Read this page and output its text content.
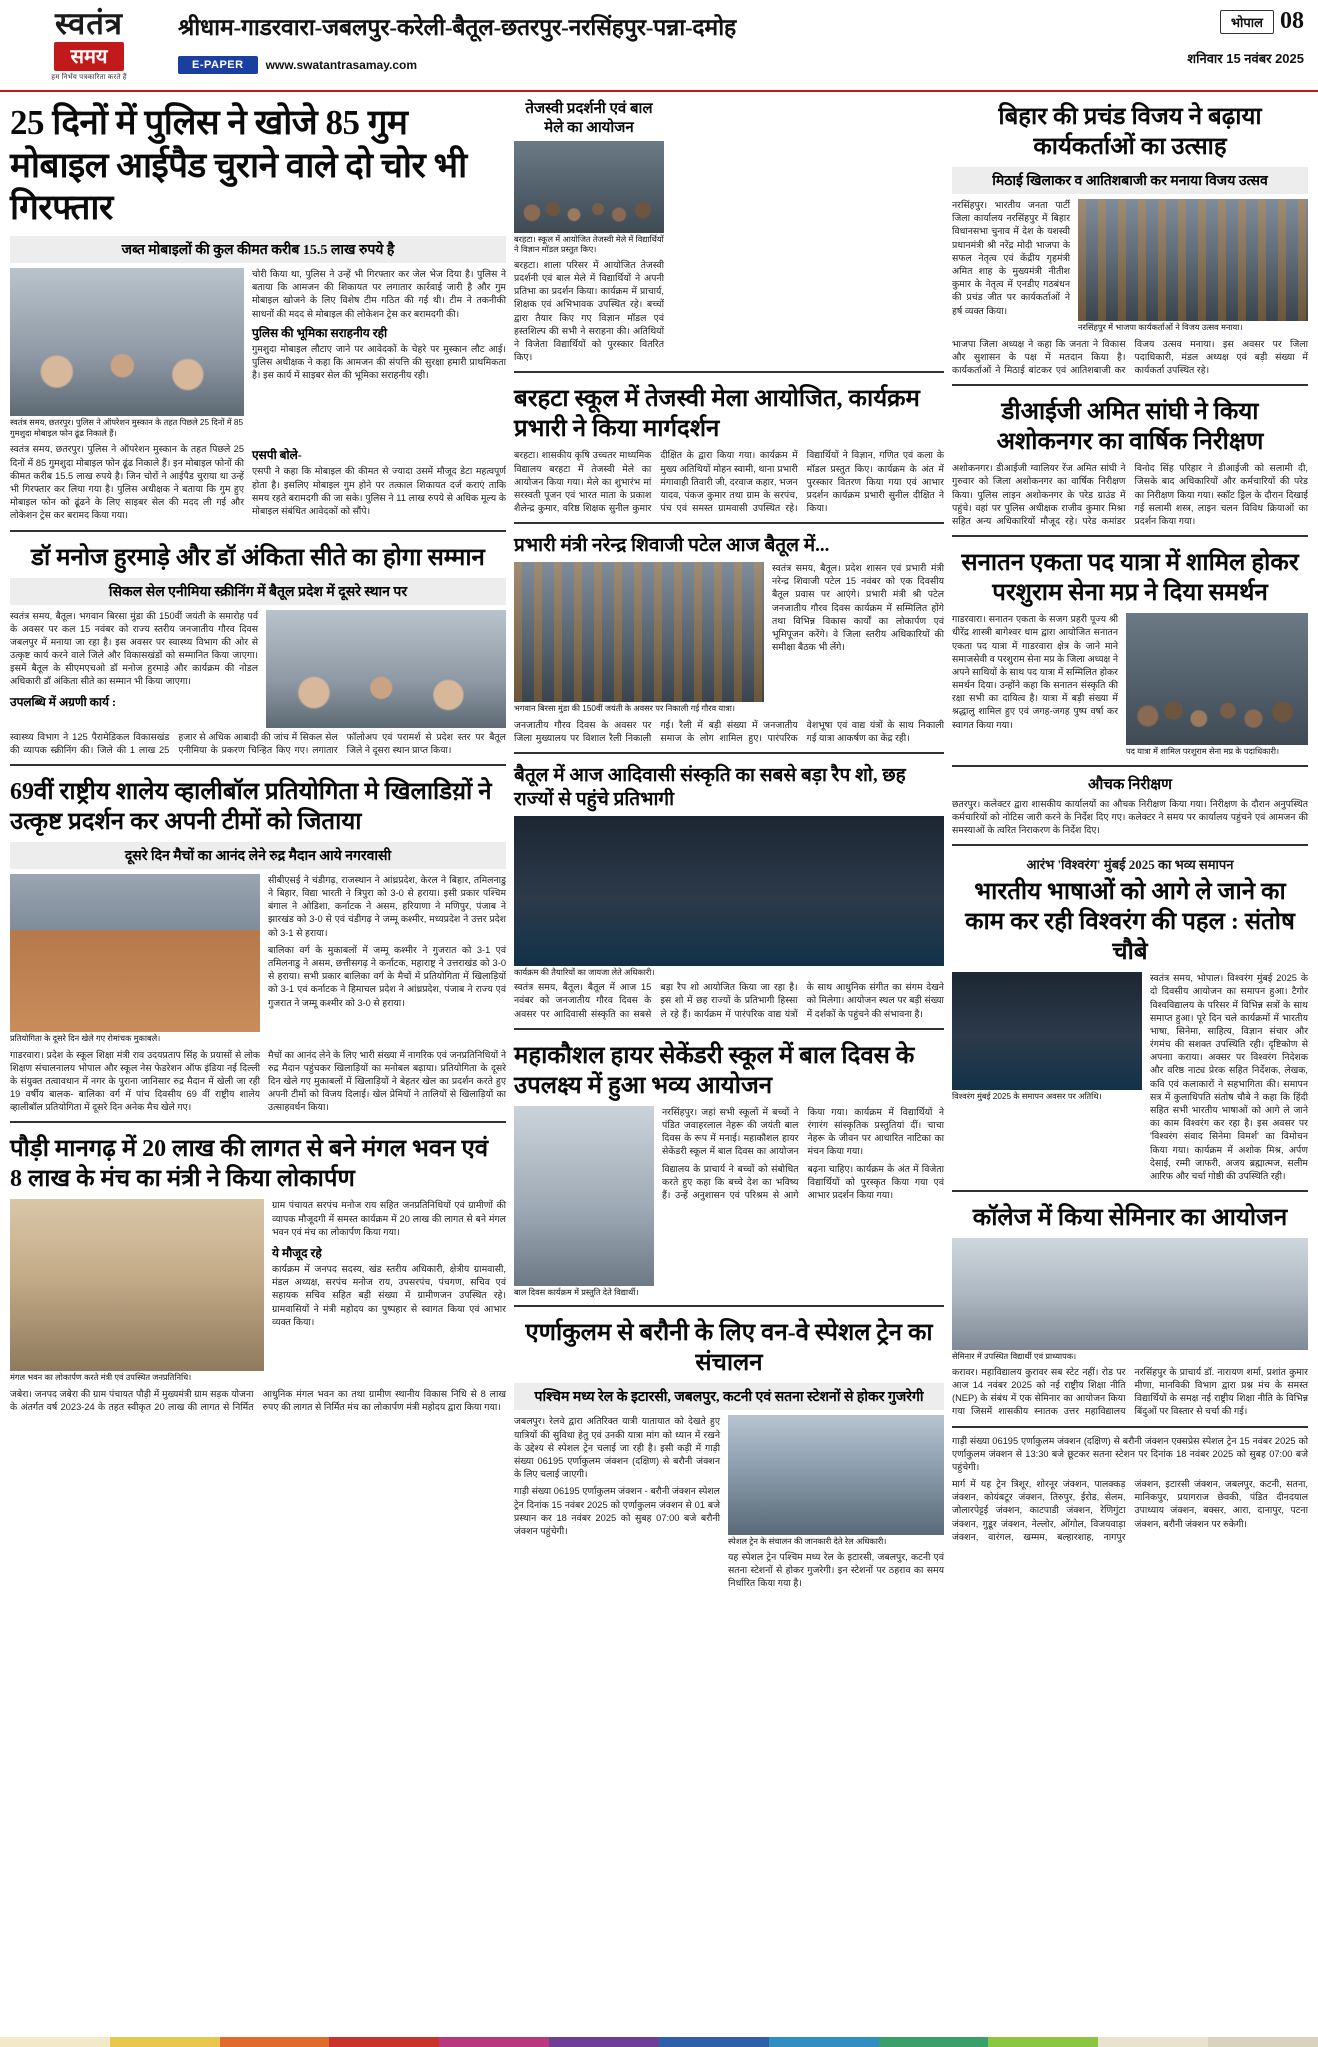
स्वतंत्र
समय
हम निर्भय पत्रकारिता करते हैं
श्रीधाम-गाडरवारा-जबलपुर-करेली-बैतूल-छतरपुर-नरसिंहपुर-पन्ना-दमोह
E-PAPER	www.swatantrasamay.com
भोपाल 08
शनिवार 15 नवंबर 2025
25 दिनों में पुलिस ने खोजे 85 गुम मोबाइल आईपैड चुराने वाले दो चोर भी गिरफ्तार
जब्त मोबाइलों की कुल कीमत करीब 15.5 लाख रुपये है
स्वतंत्र समय, छतरपुर। पुलिस ने ऑपरेशन मुस्कान के तहत पिछले 25 दिनों में 85 गुमशुदा मोबाइल फोन ढूंढ निकाले हैं।
चोरी किया था, पुलिस ने उन्हें भी गिरफ्तार कर जेल भेज दिया है। पुलिस ने बताया कि आमजन की शिकायत पर लगातार कार्रवाई जारी है और गुम मोबाइल खोजने के लिए विशेष टीम गठित की गई थी। टीम ने तकनीकी साधनों की मदद से मोबाइल की लोकेशन ट्रेस कर बरामदगी की।
पुलिस की भूमिका सराहनीय रही
गुमशुदा मोबाइल लौटाए जाने पर आवेदकों के चेहरे पर मुस्कान लौट आई। पुलिस अधीक्षक ने कहा कि आमजन की संपत्ति की सुरक्षा हमारी प्राथमिकता है। इस कार्य में साइबर सेल की भूमिका सराहनीय रही।
स्वतंत्र समय, छतरपुर। पुलिस ने ऑपरेशन मुस्कान के तहत पिछले 25 दिनों में 85 गुमशुदा मोबाइल फोन ढूंढ निकाले हैं। इन मोबाइल फोनों की कीमत करीब 15.5 लाख रुपये है। जिन चोरों ने आईपैड चुराया था उन्हें भी गिरफ्तार कर लिया गया है। पुलिस अधीक्षक ने बताया कि गुम हुए मोबाइल फोन को ढूंढने के लिए साइबर सेल की मदद ली गई और लोकेशन ट्रेस कर बरामद किया गया।
एसपी बोले-
एसपी ने कहा कि मोबाइल की कीमत से ज्यादा उसमें मौजूद डेटा महत्वपूर्ण होता है। इसलिए मोबाइल गुम होने पर तत्काल शिकायत दर्ज कराएं ताकि समय रहते बरामदगी की जा सके। पुलिस ने 11 लाख रुपये से अधिक मूल्य के मोबाइल संबंधित आवेदकों को सौंपे।
डॉ मनोज हुरमाड़े और डॉ अंकिता सीते का होगा सम्मान
सिकल सेल एनीमिया स्क्रीनिंग में बैतूल प्रदेश में दूसरे स्थान पर
स्वतंत्र समय, बैतूल। भगवान बिरसा मुंडा की 150वीं जयंती के समारोह पर्व के अवसर पर कल 15 नवंबर को राज्य स्तरीय जनजातीय गौरव दिवस जबलपुर में मनाया जा रहा है। इस अवसर पर स्वास्थ्य विभाग की ओर से उत्कृष्ट कार्य करने वाले जिले और विकासखंडों को सम्मानित किया जाएगा। इसमें बैतूल के सीएमएचओ डॉ मनोज हुरमाड़े और कार्यक्रम की नोडल अधिकारी डॉ अंकिता सीते का सम्मान भी किया जाएगा।
उपलब्धि में अग्रणी कार्य :
स्वास्थ्य विभाग ने 125 पैरामेडिकल विकासखंड की व्यापक स्क्रीनिंग की। जिले की 1 लाख 25 हजार से अधिक आबादी की जांच में सिकल सेल एनीमिया के प्रकरण चिन्हित किए गए। लगातार फॉलोअप एवं परामर्श से प्रदेश स्तर पर बैतूल जिले ने दूसरा स्थान प्राप्त किया।
69वीं राष्ट्रीय शालेय व्हालीबॉल प्रतियोगिता मे खिलाडिय़ों ने उत्कृष्ट प्रदर्शन कर अपनी टीमों को जिताया
दूसरे दिन मैचों का आनंद लेने रुद्र मैदान आये नगरवासी
प्रतियोगिता के दूसरे दिन खेले गए रोमांचक मुकाबले।
सीबीएसई ने चंडीगढ़, राजस्थान ने आंध्रप्रदेश, केरल ने बिहार, तमिलनाडु ने बिहार, विद्या भारती ने त्रिपुरा को 3-0 से हराया। इसी प्रकार पश्चिम बंगाल ने ओडिशा, कर्नाटक ने असम, हरियाणा ने मणिपुर, पंजाब ने झारखंड को 3-0 से एवं चंडीगढ़ ने जम्मू कश्मीर, मध्यप्रदेश ने उत्तर प्रदेश को 3-1 से हराया।
बालिका वर्ग के मुकाबलों में जम्मू कश्मीर ने गुजरात को 3-1 एवं तमिलनाडु ने असम, छत्तीसगढ़ ने कर्नाटक, महाराष्ट्र ने उत्तराखंड को 3-0 से हराया। सभी प्रकार बालिका वर्ग के मैचों में प्रतियोगिता में खिलाड़ियों को 3-1 एवं कर्नाटक ने हिमाचल प्रदेश ने आंध्रप्रदेश, पंजाब ने राज्य एवं गुजरात ने जम्मू कश्मीर को 3-0 से हराया।
गाडरवारा। प्रदेश के स्कूल शिक्षा मंत्री राव उदयप्रताप सिंह के प्रयासों से लोक शिक्षण संचालनालय भोपाल और स्कूल नेस फेडरेशन ऑफ इंडिया नई दिल्ली के संयुक्त तत्वावधान में नगर के पुराना जानिसार रुद्र मैदान में खेली जा रही 19 वर्षीय बालक- बालिका वर्ग में पांच दिवसीय 69 वीं राष्ट्रीय शालेय व्हालीबॉल प्रतियोगिता में दूसरे दिन अनेक मैच खेले गए।
मैचों का आनंद लेने के लिए भारी संख्या में नागरिक एवं जनप्रतिनिधियों ने रुद्र मैदान पहुंचकर खिलाड़ियों का मनोबल बढ़ाया। प्रतियोगिता के दूसरे दिन खेले गए मुकाबलों में खिलाड़ियों ने बेहतर खेल का प्रदर्शन करते हुए अपनी टीमों को विजय दिलाई। खेल प्रेमियों ने तालियों से खिलाड़ियों का उत्साहवर्धन किया।
पौड़ी मानगढ़ में 20 लाख की लागत से बने मंगल भवन एवं 8 लाख के मंच का मंत्री ने किया लोकार्पण
मंगल भवन का लोकार्पण करते मंत्री एवं उपस्थित जनप्रतिनिधि।
ग्राम पंचायत सरपंच मनोज राय सहित जनप्रतिनिधियों एवं ग्रामीणों की व्यापक मौजूदगी में समस्त कार्यक्रम में 20 लाख की लागत से बने मंगल भवन एवं मंच का लोकार्पण किया गया।
ये मौजूद रहे
कार्यक्रम में जनपद सदस्य, खंड स्तरीय अधिकारी, क्षेत्रीय ग्रामवासी, मंडल अध्यक्ष, सरपंच मनोज राय, उपसरपंच, पंचगण, सचिव एवं सहायक सचिव सहित बड़ी संख्या में ग्रामीणजन उपस्थित रहे। ग्रामवासियों ने मंत्री महोदय का पुष्पहार से स्वागत किया एवं आभार व्यक्त किया।
जबेरा। जनपद जबेरा की ग्राम पंचायत पौड़ी में मुख्यमंत्री ग्राम सड़क योजना के अंतर्गत वर्ष 2023-24 के तहत स्वीकृत 20 लाख की लागत से निर्मित आधुनिक मंगल भवन का तथा ग्रामीण स्थानीय विकास निधि से 8 लाख रुपए की लागत से निर्मित मंच का लोकार्पण मंत्री महोदय द्वारा किया गया।
तेजस्वी प्रदर्शनी एवं बाल मेले का आयोजन
बरहटा। स्कूल में आयोजित तेजस्वी मेले में विद्यार्थियों ने विज्ञान मॉडल प्रस्तुत किए।
बरहटा। शाला परिसर में आयोजित तेजस्वी प्रदर्शनी एवं बाल मेले में विद्यार्थियों ने अपनी प्रतिभा का प्रदर्शन किया। कार्यक्रम में प्राचार्य, शिक्षक एवं अभिभावक उपस्थित रहे। बच्चों द्वारा तैयार किए गए विज्ञान मॉडल एवं हस्तशिल्प की सभी ने सराहना की। अतिथियों ने विजेता विद्यार्थियों को पुरस्कार वितरित किए।
बरहटा स्कूल में तेजस्वी मेला आयोजित, कार्यक्रम प्रभारी ने किया मार्गदर्शन
बरहटा। शासकीय कृषि उच्चतर माध्यमिक विद्यालय बरहटा में तेजस्वी मेले का आयोजन किया गया। मेले का शुभारंभ मां सरस्वती पूजन एवं भारत माता के प्रकाश शैलेन्द्र कुमार, वरिष्ठ शिक्षक सुनील कुमार दीक्षित के द्वारा किया गया। कार्यक्रम में मुख्य अतिथियों मोहन स्वामी, थाना प्रभारी मंगावाही तिवारी जी, दरवाज कहार, भजन यादव, पंकज कुमार तथा ग्राम के सरपंच, पंच एवं समस्त ग्रामवासी उपस्थित रहे। विद्यार्थियों ने विज्ञान, गणित एवं कला के मॉडल प्रस्तुत किए। कार्यक्रम के अंत में पुरस्कार वितरण किया गया एवं आभार प्रदर्शन कार्यक्रम प्रभारी सुनील दीक्षित ने किया।
प्रभारी मंत्री नरेन्द्र शिवाजी पटेल आज बैतूल में...
भगवान बिरसा मुंडा की 150वीं जयंती के अवसर पर निकाली गई गौरव यात्रा।
स्वतंत्र समय, बैतूल। प्रदेश शासन एवं प्रभारी मंत्री नरेन्द्र शिवाजी पटेल 15 नवंबर को एक दिवसीय बैतूल प्रवास पर आएंगे। प्रभारी मंत्री श्री पटेल जनजातीय गौरव दिवस कार्यक्रम में सम्मिलित होंगे तथा विभिन्न विकास कार्यों का लोकार्पण एवं भूमिपूजन करेंगे। वे जिला स्तरीय अधिकारियों की समीक्षा बैठक भी लेंगे।
जनजातीय गौरव दिवस के अवसर पर जिला मुख्यालय पर विशाल रैली निकाली गई। रैली में बड़ी संख्या में जनजातीय समाज के लोग शामिल हुए। पारंपरिक वेशभूषा एवं वाद्य यंत्रों के साथ निकाली गई यात्रा आकर्षण का केंद्र रही।
बैतूल में आज आदिवासी संस्कृति का सबसे बड़ा रैप शो, छह राज्यों से पहुंचे प्रतिभागी
कार्यक्रम की तैयारियों का जायजा लेते अधिकारी।
स्वतंत्र समय, बैतूल। बैतूल में आज 15 नवंबर को जनजातीय गौरव दिवस के अवसर पर आदिवासी संस्कृति का सबसे बड़ा रैप शो आयोजित किया जा रहा है। इस शो में छह राज्यों के प्रतिभागी हिस्सा ले रहे हैं। कार्यक्रम में पारंपरिक वाद्य यंत्रों के साथ आधुनिक संगीत का संगम देखने को मिलेगा। आयोजन स्थल पर बड़ी संख्या में दर्शकों के पहुंचने की संभावना है।
महाकौशल हायर सेकेंडरी स्कूल में बाल दिवस के उपलक्ष्य में हुआ भव्य आयोजन
बाल दिवस कार्यक्रम में प्रस्तुति देते विद्यार्थी।
नरसिंहपुर। जहां सभी स्कूलों में बच्चों ने पंडित जवाहरलाल नेहरू की जयंती बाल दिवस के रूप में मनाई। महाकौशल हायर सेकेंडरी स्कूल में बाल दिवस का आयोजन किया गया। कार्यक्रम में विद्यार्थियों ने रंगारंग सांस्कृतिक प्रस्तुतियां दीं। चाचा नेहरू के जीवन पर आधारित नाटिका का मंचन किया गया।
विद्यालय के प्राचार्य ने बच्चों को संबोधित करते हुए कहा कि बच्चे देश का भविष्य हैं। उन्हें अनुशासन एवं परिश्रम से आगे बढ़ना चाहिए। कार्यक्रम के अंत में विजेता विद्यार्थियों को पुरस्कृत किया गया एवं आभार प्रदर्शन किया गया।
एर्णाकुलम से बरौनी के लिए वन-वे स्पेशल ट्रेन का संचालन
पश्चिम मध्य रेल के इटारसी, जबलपुर, कटनी एवं सतना स्टेशनों से होकर गुजरेगी
जबलपुर। रेलवे द्वारा अतिरिक्त यात्री यातायात को देखते हुए यात्रियों की सुविधा हेतु एवं उनकी यात्रा मांग को ध्यान में रखने के उद्देश्य से स्पेशल ट्रेन चलाई जा रही है। इसी कड़ी में गाड़ी संख्या 06195 एर्णाकुलम जंक्शन (दक्षिण) से बरौनी जंक्शन के लिए चलाई जाएगी।
गाड़ी संख्या 06195 एर्णाकुलम जंक्शन - बरौनी जंक्शन स्पेशल ट्रेन दिनांक 15 नवंबर 2025 को एर्णाकुलम जंक्शन से 01 बजे प्रस्थान कर 18 नवंबर 2025 को सुबह 07:00 बजे बरौनी जंक्शन पहुंचेगी।
स्पेशल ट्रेन के संचालन की जानकारी देते रेल अधिकारी।
यह स्पेशल ट्रेन पश्चिम मध्य रेल के इटारसी, जबलपुर, कटनी एवं सतना स्टेशनों से होकर गुजरेगी। इन स्टेशनों पर ठहराव का समय निर्धारित किया गया है।
बिहार की प्रचंड विजय ने बढ़ाया कार्यकर्ताओं का उत्साह
मिठाई खिलाकर व आतिशबाजी कर मनाया विजय उत्सव
नरसिंहपुर। भारतीय जनता पार्टी जिला कार्यालय नरसिंहपुर में बिहार विधानसभा चुनाव में देश के यशस्वी प्रधानमंत्री श्री नरेंद्र मोदी भाजपा के सफल नेतृत्व एवं केंद्रीय गृहमंत्री अमित शाह के मुख्यमंत्री नीतीश कुमार के नेतृत्व में एनडीए गठबंधन की प्रचंड जीत पर कार्यकर्ताओं ने हर्ष व्यक्त किया।
नरसिंहपुर में भाजपा कार्यकर्ताओं ने विजय उत्सव मनाया।
भाजपा जिला अध्यक्ष ने कहा कि जनता ने विकास और सुशासन के पक्ष में मतदान किया है। कार्यकर्ताओं ने मिठाई बांटकर एवं आतिशबाजी कर विजय उत्सव मनाया। इस अवसर पर जिला पदाधिकारी, मंडल अध्यक्ष एवं बड़ी संख्या में कार्यकर्ता उपस्थित रहे।
डीआईजी अमित सांघी ने किया अशोकनगर का वार्षिक निरीक्षण
अशोकनगर। डीआईजी ग्वालियर रेंज अमित सांघी ने गुरुवार को जिला अशोकनगर का वार्षिक निरीक्षण किया। पुलिस लाइन अशोकनगर के परेड ग्राउंड में पहुंचे। वहां पर पुलिस अधीक्षक राजीव कुमार मिश्रा सहित अन्य अधिकारियों मौजूद रहे। परेड कमांडर विनोद सिंह परिहार ने डीआईजी को सलामी दी, जिसके बाद अधिकारियों और कर्मचारियों की परेड का निरीक्षण किया गया। स्कॉट ड्रिल के दौरान दिखाई गई सलामी शस्त्र, लाइन चलन विविध क्रियाओं का प्रदर्शन किया गया।
सनातन एकता पद यात्रा में शामिल होकर परशुराम सेना मप्र ने दिया समर्थन
गाडरवारा। सनातन एकता के सजग प्रहरी पूज्य श्री धीरेंद्र शास्त्री बागेश्वर धाम द्वारा आयोजित सनातन एकता पद यात्रा में गाडरवारा क्षेत्र के जाने माने समाजसेवी व परशुराम सेना मप्र के जिला अध्यक्ष ने अपने साथियों के साथ पद यात्रा में सम्मिलित होकर समर्थन दिया। उन्होंने कहा कि सनातन संस्कृति की रक्षा सभी का दायित्व है। यात्रा में बड़ी संख्या में श्रद्धालु शामिल हुए एवं जगह-जगह पुष्प वर्षा कर स्वागत किया गया।
पद यात्रा में शामिल परशुराम सेना मप्र के पदाधिकारी।
औचक निरीक्षण
छतरपुर। कलेक्टर द्वारा शासकीय कार्यालयों का औचक निरीक्षण किया गया। निरीक्षण के दौरान अनुपस्थित कर्मचारियों को नोटिस जारी करने के निर्देश दिए गए। कलेक्टर ने समय पर कार्यालय पहुंचने एवं आमजन की समस्याओं के त्वरित निराकरण के निर्देश दिए।
आरंभ 'विश्वरंग' मुंबई 2025 का भव्य समापन
भारतीय भाषाओं को आगे ले जाने का काम कर रही विश्वरंग की पहल : संतोष चौबे
विश्वरंग मुंबई 2025 के समापन अवसर पर अतिथि।
स्वतंत्र समय, भोपाल। विश्वरंग मुंबई 2025 के दो दिवसीय आयोजन का समापन हुआ। टैगोर विश्वविद्यालय के परिसर में विभिन्न सत्रों के साथ समाप्त हुआ। पूरे दिन चले कार्यक्रमों में भारतीय भाषा, सिनेमा, साहित्य, विज्ञान संचार और रंगमंच की सशक्त उपस्थिति रही। दृष्टिकोण से अपनाा कराया। अक्सर पर विश्वरंग निदेशक और वरिष्ठ नाट्य प्रेरक सहित निर्देशक, लेखक, कवि एवं कलाकारों ने सहभागिता की। समापन सत्र में कुलाधिपति संतोष चौबे ने कहा कि हिंदी सहित सभी भारतीय भाषाओं को आगे ले जाने का काम विश्वरंग कर रहा है। इस अवसर पर 'विश्वरंग संवाद सिनेमा विमर्श' का विमोचन किया गया। कार्यक्रम में अशोक मिश्र, अर्पण देसाई, रम्मी जाफरी, अजय ब्रह्मात्मज, सलीम आरिफ और चर्चा गोष्ठी की उपस्थिति रही।
कॉलेज में किया सेमिनार का आयोजन
सेमिनार में उपस्थित विद्यार्थी एवं प्राध्यापक।
करावर। महाविद्यालय कुरावर सब स्टेट नहीं। रोड पर आज 14 नवंबर 2025 को नई राष्ट्रीय शिक्षा नीति (NEP) के संबंध में एक सेमिनार का आयोजन किया गया जिसमें शासकीय स्नातक उत्तर महाविद्यालय नरसिंहपुर के प्राचार्य डॉ. नारायण शर्मा, प्रशांत कुमार मीणा, मानविकी विभाग द्वारा प्रश्न मंच के समस्त विद्यार्थियों के समक्ष नई राष्ट्रीय शिक्षा नीति के विभिन्न बिंदुओं पर विस्तार से चर्चा की गई।
गाड़ी संख्या 06195 एर्णाकुलम जंक्शन (दक्षिण) से बरौनी जंक्शन एक्सप्रेस स्पेशल ट्रेन 15 नवंबर 2025 को एर्णाकुलम जंक्शन से 13:30 बजे छूटकर सतना स्टेशन पर दिनांक 18 नवंबर 2025 को सुबह 07:00 बजे पहुंचेगी।
मार्ग में यह ट्रेन त्रिशूर, शोरनूर जंक्शन, पालक्कड़ जंक्शन, कोयंबटूर जंक्शन, तिरुपुर, ईरोड, सेलम, जोलारपेट्टई जंक्शन, काटपाडी जंक्शन, रेणिगुंटा जंक्शन, गुडूर जंक्शन, नेल्लोर, ओंगोल, विजयवाड़ा जंक्शन, वारंगल, खम्मम, बल्हारशाह, नागपुर जंक्शन, इटारसी जंक्शन, जबलपुर, कटनी, सतना, मानिकपुर, प्रयागराज छेवकी, पंडित दीनदयाल उपाध्याय जंक्शन, बक्सर, आरा, दानापुर, पटना जंक्शन, बरौनी जंक्शन पर रुकेगी।
